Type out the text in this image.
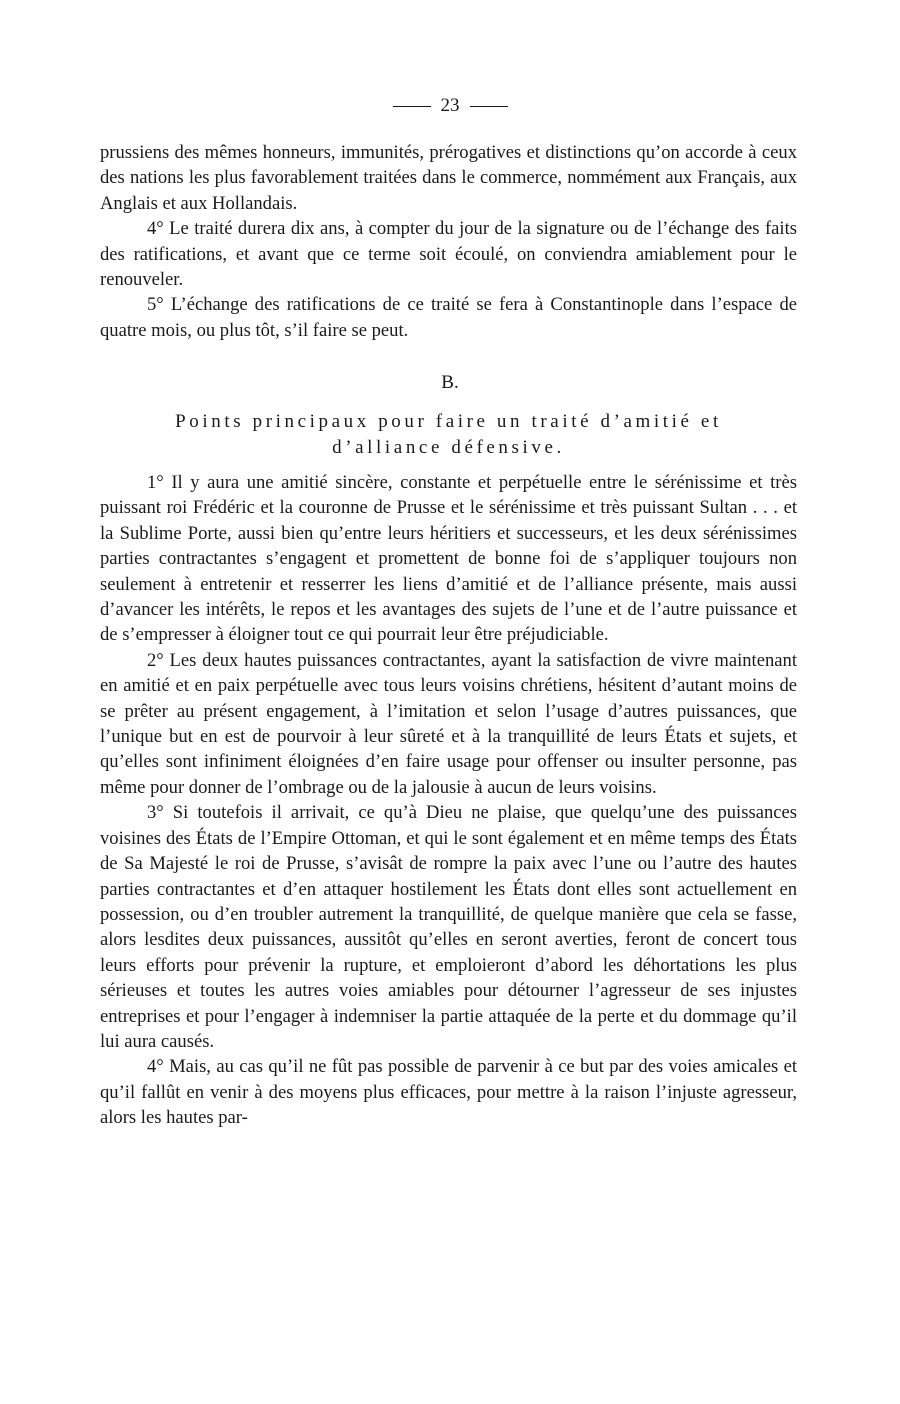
23

prussiens des mêmes honneurs, immunités, prérogatives et distinctions qu’on accorde à ceux des nations les plus favorablement traitées dans le commerce, nommément aux Français, aux Anglais et aux Hollandais.

4° Le traité durera dix ans, à compter du jour de la signature ou de l’échange des faits des ratifications, et avant que ce terme soit écoulé, on conviendra amiablement pour le renouveler.

5° L’échange des ratifications de ce traité se fera à Constantinople dans l’espace de quatre mois, ou plus tôt, s’il faire se peut.

B.
Points principaux pour faire un traité d’amitié et
d’alliance défensive.

1° Il y aura une amitié sincère, constante et perpétuelle entre le sérénissime et très puissant roi Frédéric et la couronne de Prusse et le sérénissime et très puissant Sultan . . . et la Sublime Porte, aussi bien qu’entre leurs héritiers et successeurs, et les deux sérénissimes parties contractantes s’engagent et promettent de bonne foi de s’appliquer toujours non seulement à entretenir et resserrer les liens d’amitié et de l’alliance présente, mais aussi d’avancer les intérêts, le repos et les avantages des sujets de l’une et de l’autre puissance et de s’empresser à éloigner tout ce qui pourrait leur être préjudiciable.

2° Les deux hautes puissances contractantes, ayant la satisfaction de vivre maintenant en amitié et en paix perpétuelle avec tous leurs voisins chrétiens, hésitent d’autant moins de se prêter au présent engagement, à l’imitation et selon l’usage d’autres puissances, que l’unique but en est de pourvoir à leur sûreté et à la tranquillité de leurs États et sujets, et qu’elles sont infiniment éloignées d’en faire usage pour offenser ou insulter personne, pas même pour donner de l’ombrage ou de la jalousie à aucun de leurs voisins.

3° Si toutefois il arrivait, ce qu’à Dieu ne plaise, que quelqu’une des puissances voisines des États de l’Empire Ottoman, et qui le sont également et en même temps des États de Sa Majesté le roi de Prusse, s’avisât de rompre la paix avec l’une ou l’autre des hautes parties contractantes et d’en attaquer hostilement les États dont elles sont actuellement en possession, ou d’en troubler autrement la tranquillité, de quelque manière que cela se fasse, alors lesdites deux puissances, aussitôt qu’elles en seront averties, feront de concert tous leurs efforts pour prévenir la rupture, et emploieront d’abord les déhortations les plus sérieuses et toutes les autres voies amiables pour détourner l’agresseur de ses injustes entreprises et pour l’engager à indemniser la partie attaquée de la perte et du dommage qu’il lui aura causés.

4° Mais, au cas qu’il ne fût pas possible de parvenir à ce but par des voies amicales et qu’il fallût en venir à des moyens plus efficaces, pour mettre à la raison l’injuste agresseur, alors les hautes par-
